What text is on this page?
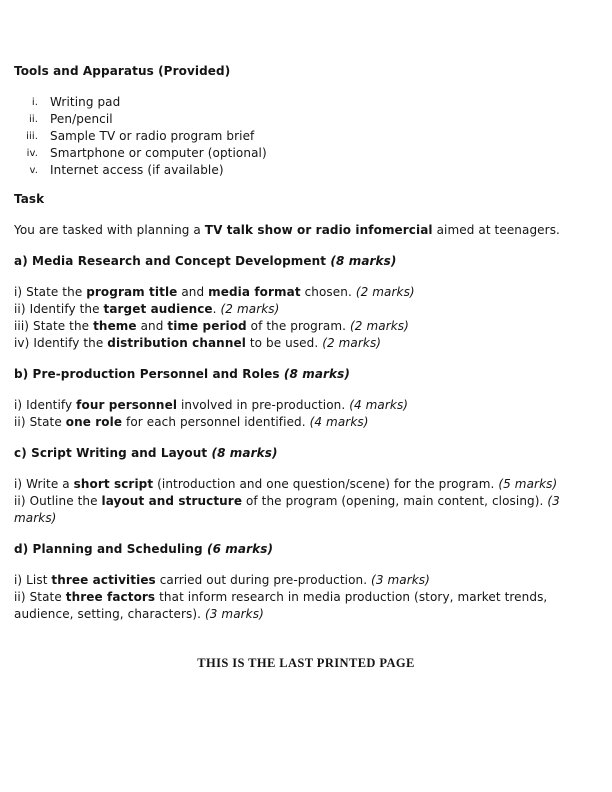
Tools and Apparatus (Provided)

i. Writing pad
ii. Pen/pencil
iii. Sample TV or radio program brief
iv. Smartphone or computer (optional)
v. Internet access (if available)

Task

You are tasked with planning a TV talk show or radio infomercial aimed at teenagers.

a) Media Research and Concept Development (8 marks)

i) State the program title and media format chosen. (2 marks)
ii) Identify the target audience. (2 marks)
iii) State the theme and time period of the program. (2 marks)
iv) Identify the distribution channel to be used. (2 marks)

b) Pre-production Personnel and Roles (8 marks)

i) Identify four personnel involved in pre-production. (4 marks)
ii) State one role for each personnel identified. (4 marks)

c) Script Writing and Layout (8 marks)

i) Write a short script (introduction and one question/scene) for the program. (5 marks)
ii) Outline the layout and structure of the program (opening, main content, closing). (3 marks)

d) Planning and Scheduling (6 marks)

i) List three activities carried out during pre-production. (3 marks)
ii) State three factors that inform research in media production (story, market trends, audience, setting, characters). (3 marks)

THIS IS THE LAST PRINTED PAGE
